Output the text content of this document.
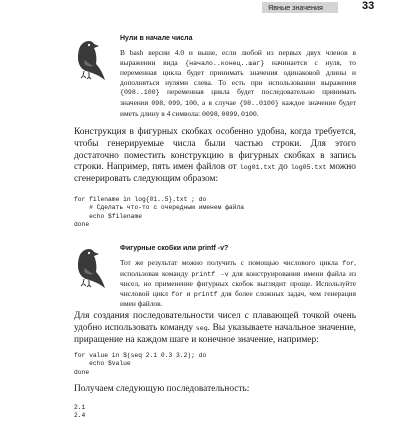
Явные значения	33

Нули в начале числа

В bash версии 4.0 и выше, если любой из первых двух членов в выражении вида {начало..конец..шаг} начинается с нуля, то переменная цикла будет принимать значения одинаковой длины и дополняться нулями слева. То есть при использовании выражения {098..100} переменная цикла будет последовательно принимать значения 098, 099, 100, а в случае {98..0100} каждое значение будет иметь длину в 4 символа: 0098, 0099, 0100.

Конструкция в фигурных скобках особенно удобна, когда требуется, чтобы генерируемые числа были частью строки. Для этого достаточно поместить конструкцию в фигурных скобках в запись строки. Например, пять имен файлов от log01.txt до log05.txt можно сгенерировать следующим образом:

for filename in log{01..5}.txt ; do
# Сделать что-то с очередным именем файла
echo $filename
done

Фигурные скобки или printf -v?

Тот же результат можно получить с помощью числового цикла for, использовав команду printf -v для конструирования имени файла из чисел, но применение фигурных скобок выглядит проще. Используйте числовой цикл for и printf для более сложных задач, чем генерация имен файлов.

Для создания последовательности чисел с плавающей точкой очень удобно использовать команду seq. Вы указываете начальное значение, приращение на каждом шаге и конечное значение, например:

for value in $(seq 2.1 0.3 3.2); do
echo $value
done

Получаем следующую последовательность:

2.1
2.4
